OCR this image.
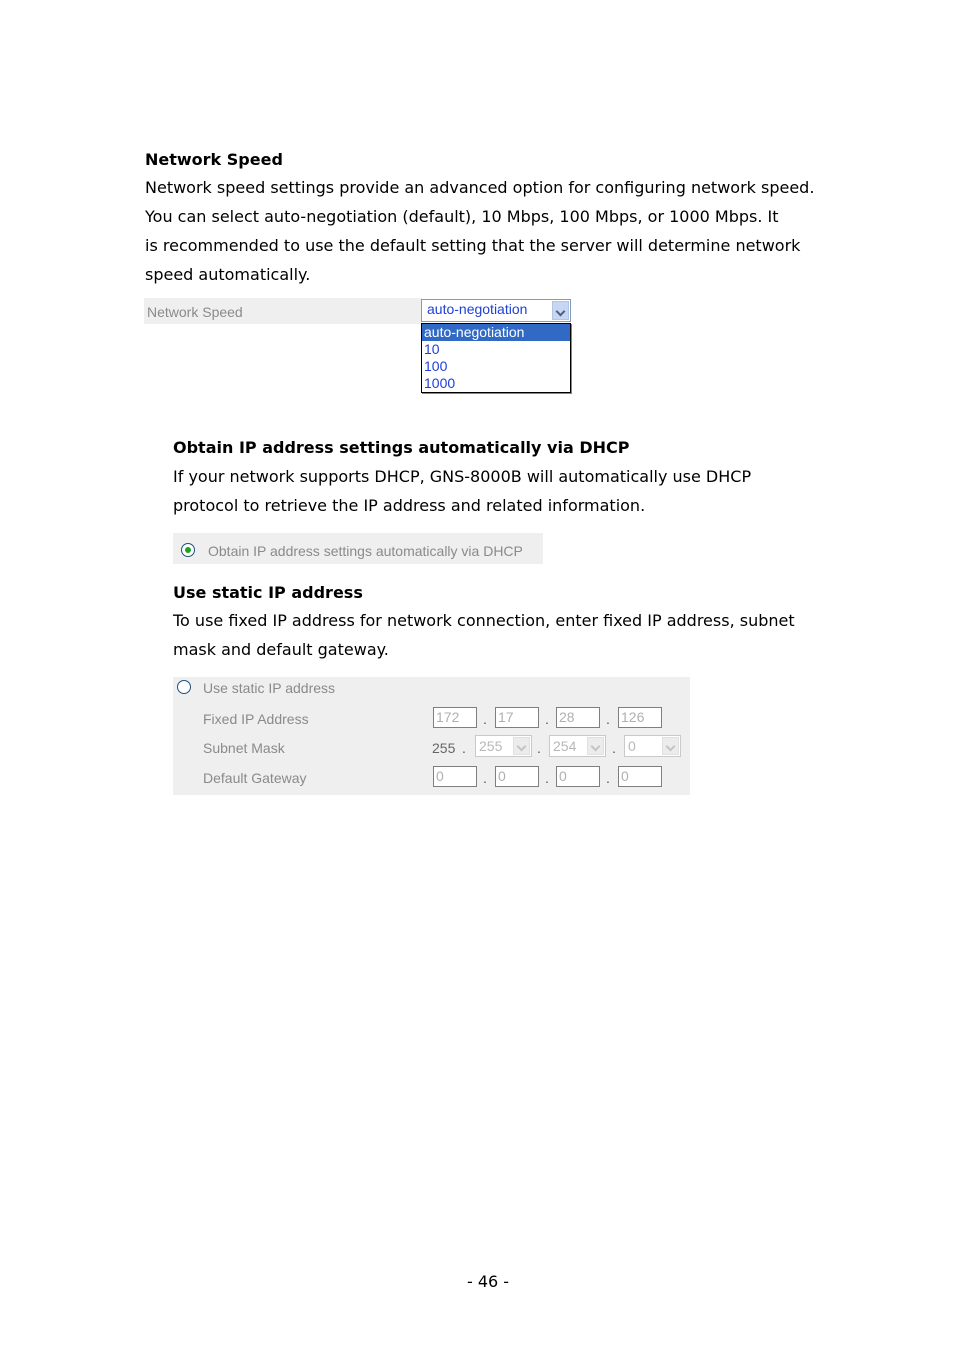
Network Speed
Network speed settings provide an advanced option for configuring network speed.
You can select auto-negotiation (default), 10 Mbps, 100 Mbps, or 1000 Mbps. It
is recommended to use the default setting that the server will determine network
speed automatically.
Network Speed	auto-negotiation
auto-negotiation
10
100
1000
Obtain IP address settings automatically via DHCP
If your network supports DHCP, GNS-8000B will automatically use DHCP
protocol to retrieve the IP address and related information.
Obtain IP address settings automatically via DHCP
Use static IP address
To use fixed IP address for network connection, enter fixed IP address, subnet
mask and default gateway.
Use static IP address
Fixed IP Address	172	. 17	. 28	. 126
Subnet Mask	255 . 255	. 254	. 0
Default Gateway	0	. 0	. 0	. 0
- 46 -
